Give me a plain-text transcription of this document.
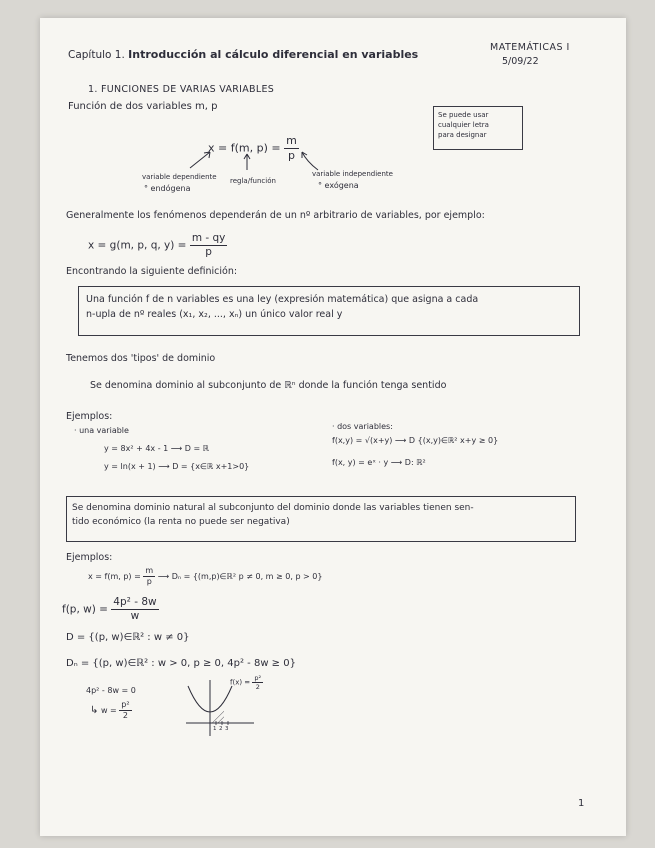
Capítulo 1. Introducción al cálculo diferencial en variables
MATEMÁTICAS I
5/09/22
1. FUNCIONES DE VARIAS VARIABLES
Función de dos variables m, p
Se puede usar
cualquier letra
para designar
x = f(m, $p) = \frac{m}{p}$
variable dependiente
° endógena
regla/función
variable independiente
° exógena
Generalmente los fenómenos dependerán de un nº arbitrario de variables, por ejemplo:
x = g(m, p, q, $y) = \frac{m - qy}{p}$
Encontrando la siguiente definición:
Una función f de n variables es una ley (expresión matemática) que asigna a cada
n-upla de nº reales (x₁, x₂, ..., xₙ) un único valor real y
Tenemos dos 'tipos' de dominio
Se denomina dominio al subconjunto de ℝⁿ donde la función tenga sentido
Ejemplos:
· una variable
y = 8x² + 4x - 1 ⟶ D = ℝ
y = ln(x + 1) ⟶ D = {x∈ℝ x+1>0}
· dos variables:
f(x,y) = √(x+y) ⟶ D {(x,y)∈ℝ² x+y ≥ 0}
f(x, y) = eˣ · y ⟶ D: ℝ²
Se denomina dominio natural al subconjunto del dominio donde las variables tienen sen-
tido económico (la renta no puede ser negativa)
Ejemplos:
x = f(m, $p) = \frac{m}{p}$ ⟶ Dₙ = {(m,p)∈ℝ² p ≠ 0, m ≥ 0, p > 0}
f(p, $w) = \frac{\text{4p² - 8w}}{w}$
D = {(p, w)∈ℝ² : w ≠ 0}
Dₙ = {(p, w)∈ℝ² : w > 0, p ≥ 0, 4p² - 8w ≥ 0}
4p² - 8w = 0
↳ $w = \frac{\text{p²}}{2}$
$f(x) = \frac{\text{p²}}{2}$
1 2 3
1
